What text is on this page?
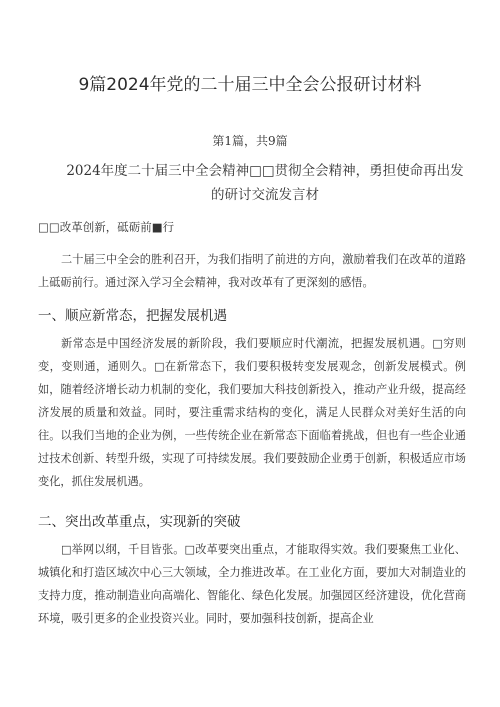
9篇2024年党的二十届三中全会公报研讨材料
第1篇，共9篇
2024年度二十届三中全会精神□□贯彻全会精神，勇担使命再出发
的研讨交流发言材
□□改革创新，砥砺前■行
二十届三中全会的胜利召开，为我们指明了前进的方向，激励着我们在改革的道路上砥砺前行。通过深入学习全会精神，我对改革有了更深刻的感悟。
一、顺应新常态，把握发展机遇
新常态是中国经济发展的新阶段，我们要顺应时代潮流，把握发展机遇。□穷则变，变则通，通则久。□在新常态下，我们要积极转变发展观念，创新发展模式。例如，随着经济增长动力机制的变化，我们要加大科技创新投入，推动产业升级，提高经济发展的质量和效益。同时，要注重需求结构的变化，满足人民群众对美好生活的向往。以我们当地的企业为例，一些传统企业在新常态下面临着挑战，但也有一些企业通过技术创新、转型升级，实现了可持续发展。我们要鼓励企业勇于创新，积极适应市场变化，抓住发展机遇。
二、突出改革重点，实现新的突破
□举网以纲，千目皆张。□改革要突出重点，才能取得实效。我们要聚焦工业化、城镇化和打造区域次中心三大领域，全力推进改革。在工业化方面，要加大对制造业的支持力度，推动制造业向高端化、智能化、绿色化发展。加强园区经济建设，优化营商环境，吸引更多的企业投资兴业。同时，要加强科技创新，提高企业
